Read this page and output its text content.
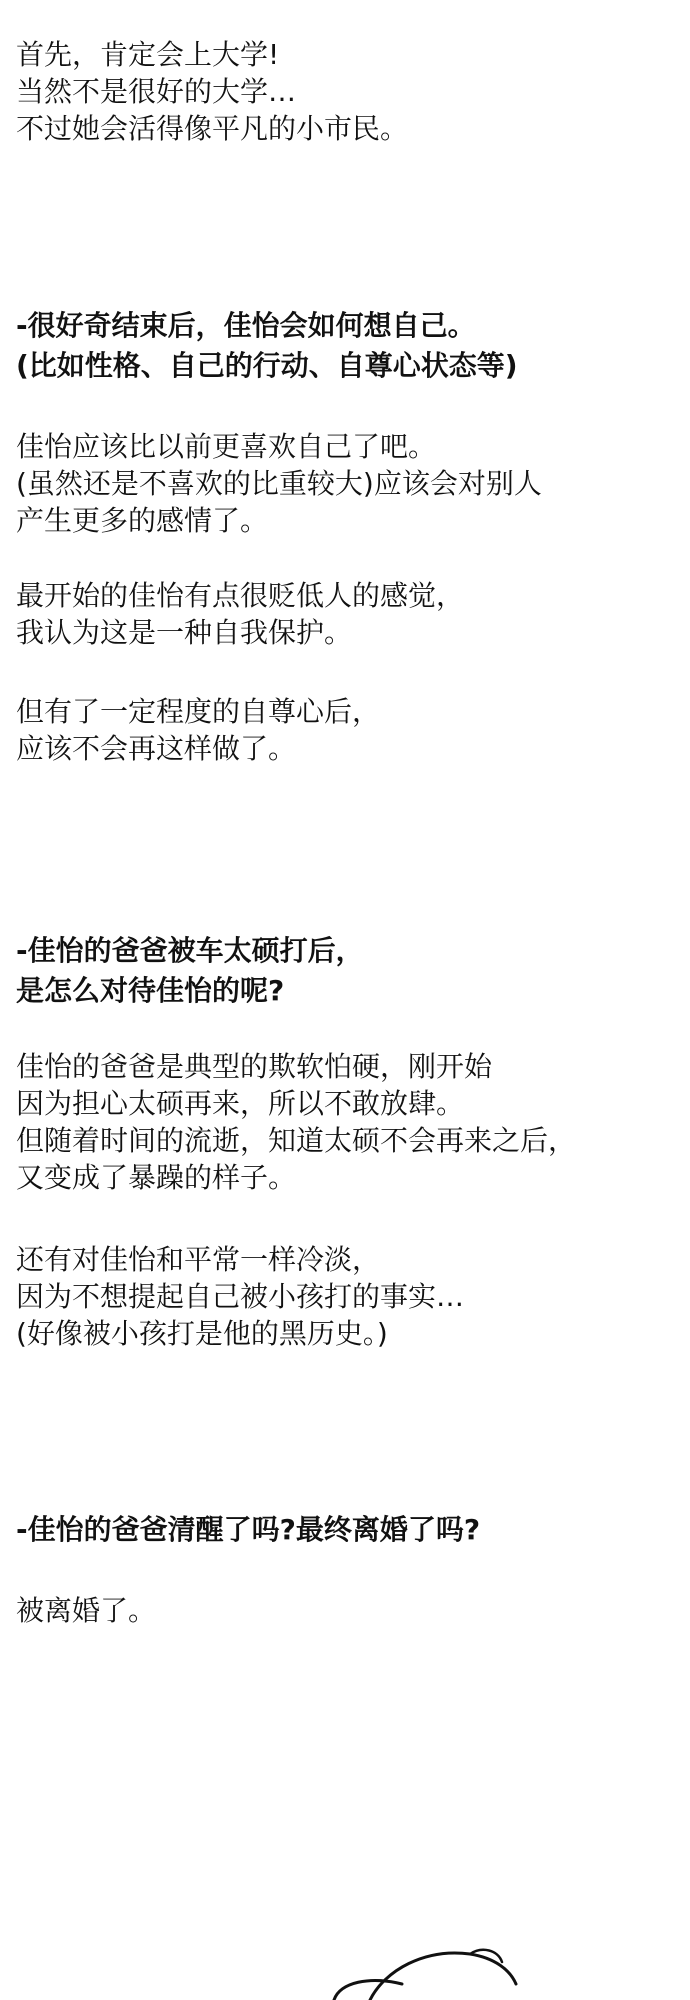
首先，肯定会上大学!
当然不是很好的大学…
不过她会活得像平凡的小市民。
-很好奇结束后，佳怡会如何想自己。
(比如性格、自己的行动、自尊心状态等)
佳怡应该比以前更喜欢自己了吧。
(虽然还是不喜欢的比重较大)应该会对别人
产生更多的感情了。
最开始的佳怡有点很贬低人的感觉，
我认为这是一种自我保护。
但有了一定程度的自尊心后，
应该不会再这样做了。
-佳怡的爸爸被车太硕打后，
是怎么对待佳怡的呢?
佳怡的爸爸是典型的欺软怕硬，刚开始
因为担心太硕再来，所以不敢放肆。
但随着时间的流逝，知道太硕不会再来之后，
又变成了暴躁的样子。
还有对佳怡和平常一样冷淡，
因为不想提起自己被小孩打的事实…
(好像被小孩打是他的黑历史。)
-佳怡的爸爸清醒了吗?最终离婚了吗?
被离婚了。
